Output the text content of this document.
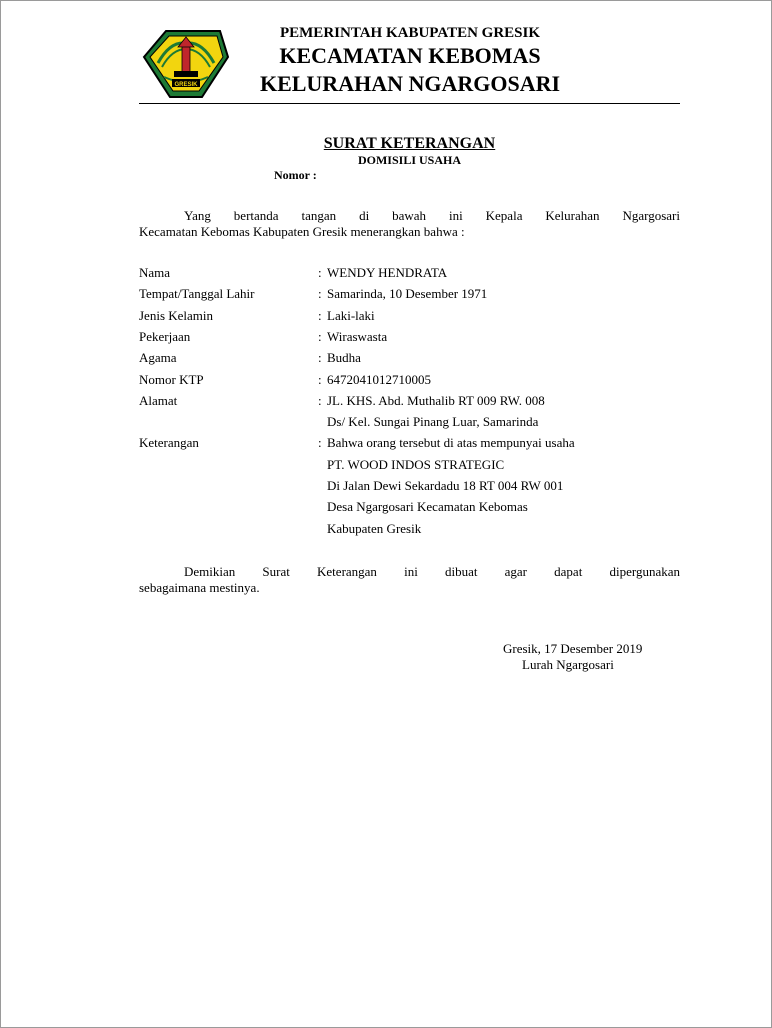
GRESIK
PEMERINTAH KABUPATEN GRESIK
KECAMATAN KEBOMAS
KELURAHAN NGARGOSARI
SURAT KETERANGAN
DOMISILI USAHA
Nomor :
Yang bertanda tangan di bawah ini Kepala Kelurahan Ngargosari
Kecamatan Kebomas Kabupaten Gresik menerangkan bahwa :
Nama	: WENDY HENDRATA
Tempat/Tanggal Lahir	: Samarinda, 10 Desember 1971
Jenis Kelamin	: Laki-laki
Pekerjaan	: Wiraswasta
Agama	: Budha
Nomor KTP	: 6472041012710005
Alamat	: JL. KHS. Abd. Muthalib RT 009 RW. 008
Ds/ Kel. Sungai Pinang Luar, Samarinda
Keterangan	: Bahwa orang tersebut di atas mempunyai usaha
PT. WOOD INDOS STRATEGIC
Di Jalan Dewi Sekardadu 18 RT 004 RW 001
Desa Ngargosari Kecamatan Kebomas
Kabupaten Gresik
Demikian Surat Keterangan ini dibuat agar dapat dipergunakan
sebagaimana mestinya.
Gresik, 17 Desember 2019
Lurah Ngargosari
